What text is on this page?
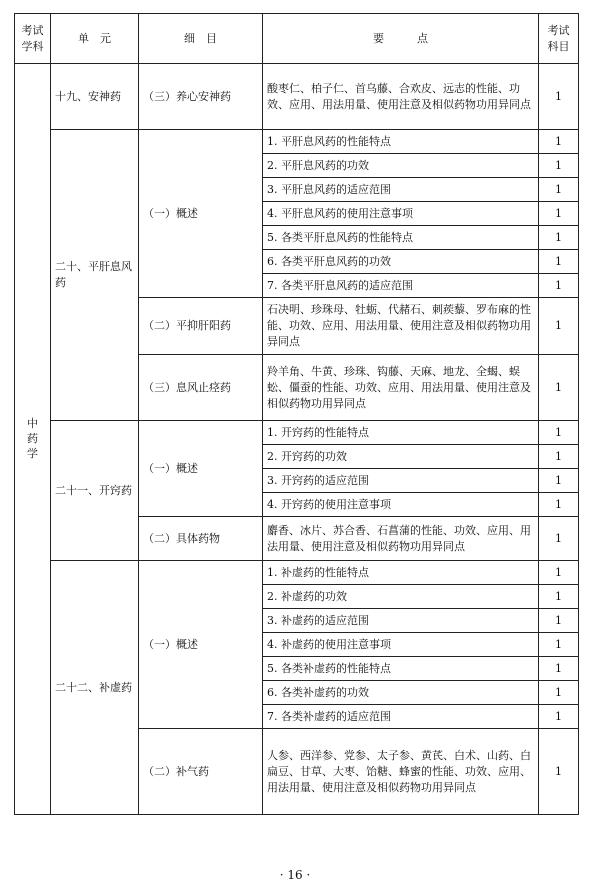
考试学科	单　元	细　目	要　　　点	考试科目
中药学	十九、安神药	（三）养心安神药	酸枣仁、柏子仁、首乌藤、合欢皮、远志的性能、功效、应用、用法用量、使用注意及相似药物功用异同点	1
	二十、平肝息风药	（一）概述	1. 平肝息风药的性能特点	1
			2. 平肝息风药的功效	1
			3. 平肝息风药的适应范围	1
			4. 平肝息风药的使用注意事项	1
			5. 各类平肝息风药的性能特点	1
			6. 各类平肝息风药的功效	1
			7. 各类平肝息风药的适应范围	1
		（二）平抑肝阳药	石决明、珍珠母、牡蛎、代赭石、刺蒺藜、罗布麻的性能、功效、应用、用法用量、使用注意及相似药物功用异同点	1
		（三）息风止痉药	羚羊角、牛黄、珍珠、钩藤、天麻、地龙、全蝎、蜈蚣、僵蚕的性能、功效、应用、用法用量、使用注意及相似药物功用异同点	1
	二十一、开窍药	（一）概述	1. 开窍药的性能特点	1
			2. 开窍药的功效	1
			3. 开窍药的适应范围	1
			4. 开窍药的使用注意事项	1
		（二）具体药物	麝香、冰片、苏合香、石菖蒲的性能、功效、应用、用法用量、使用注意及相似药物功用异同点	1
	二十二、补虚药	（一）概述	1. 补虚药的性能特点	1
			2. 补虚药的功效	1
			3. 补虚药的适应范围	1
			4. 补虚药的使用注意事项	1
			5. 各类补虚药的性能特点	1
			6. 各类补虚药的功效	1
			7. 各类补虚药的适应范围	1
		（二）补气药	人参、西洋参、党参、太子参、黄芪、白术、山药、白扁豆、甘草、大枣、饴糖、蜂蜜的性能、功效、应用、用法用量、使用注意及相似药物功用异同点	1
· 16 ·
